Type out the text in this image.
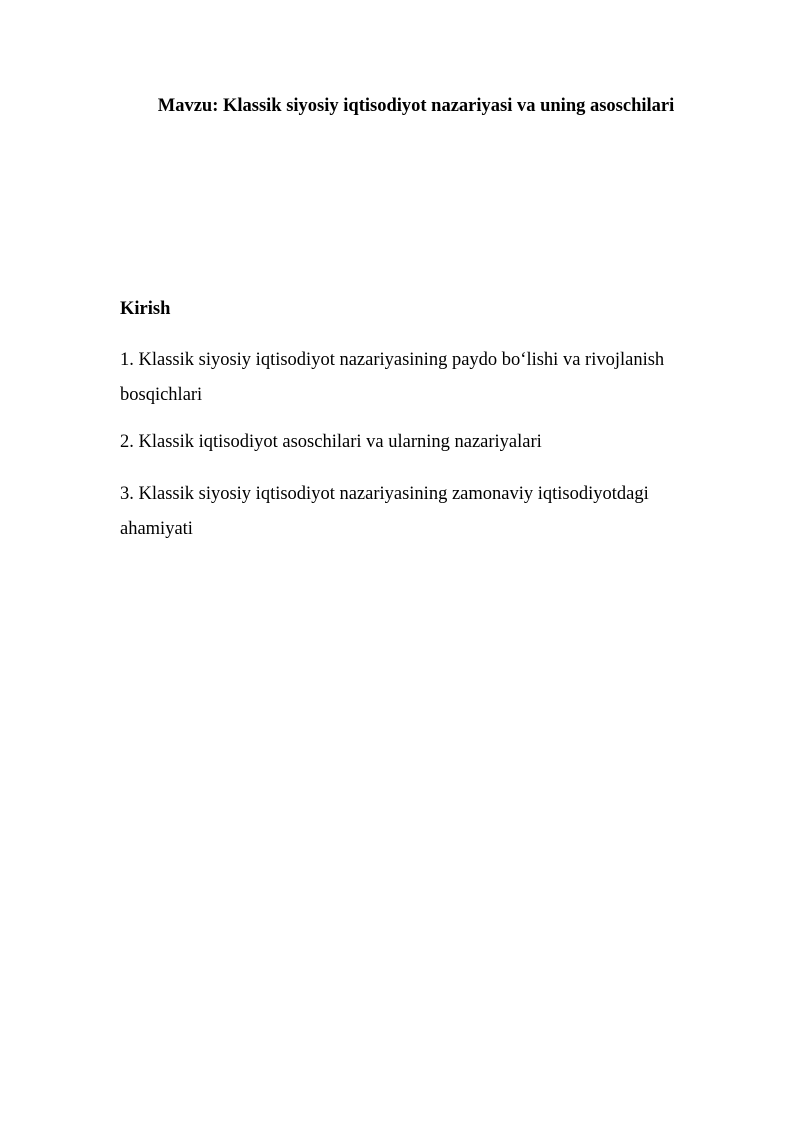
Mavzu: Klassik siyosiy iqtisodiyot nazariyasi va uning asoschilari
Kirish
1. Klassik siyosiy iqtisodiyot nazariyasining paydo bo‘lishi va rivojlanish bosqichlari
2. Klassik iqtisodiyot asoschilari va ularning nazariyalari
3. Klassik siyosiy iqtisodiyot nazariyasining zamonaviy iqtisodiyotdagi ahamiyati
